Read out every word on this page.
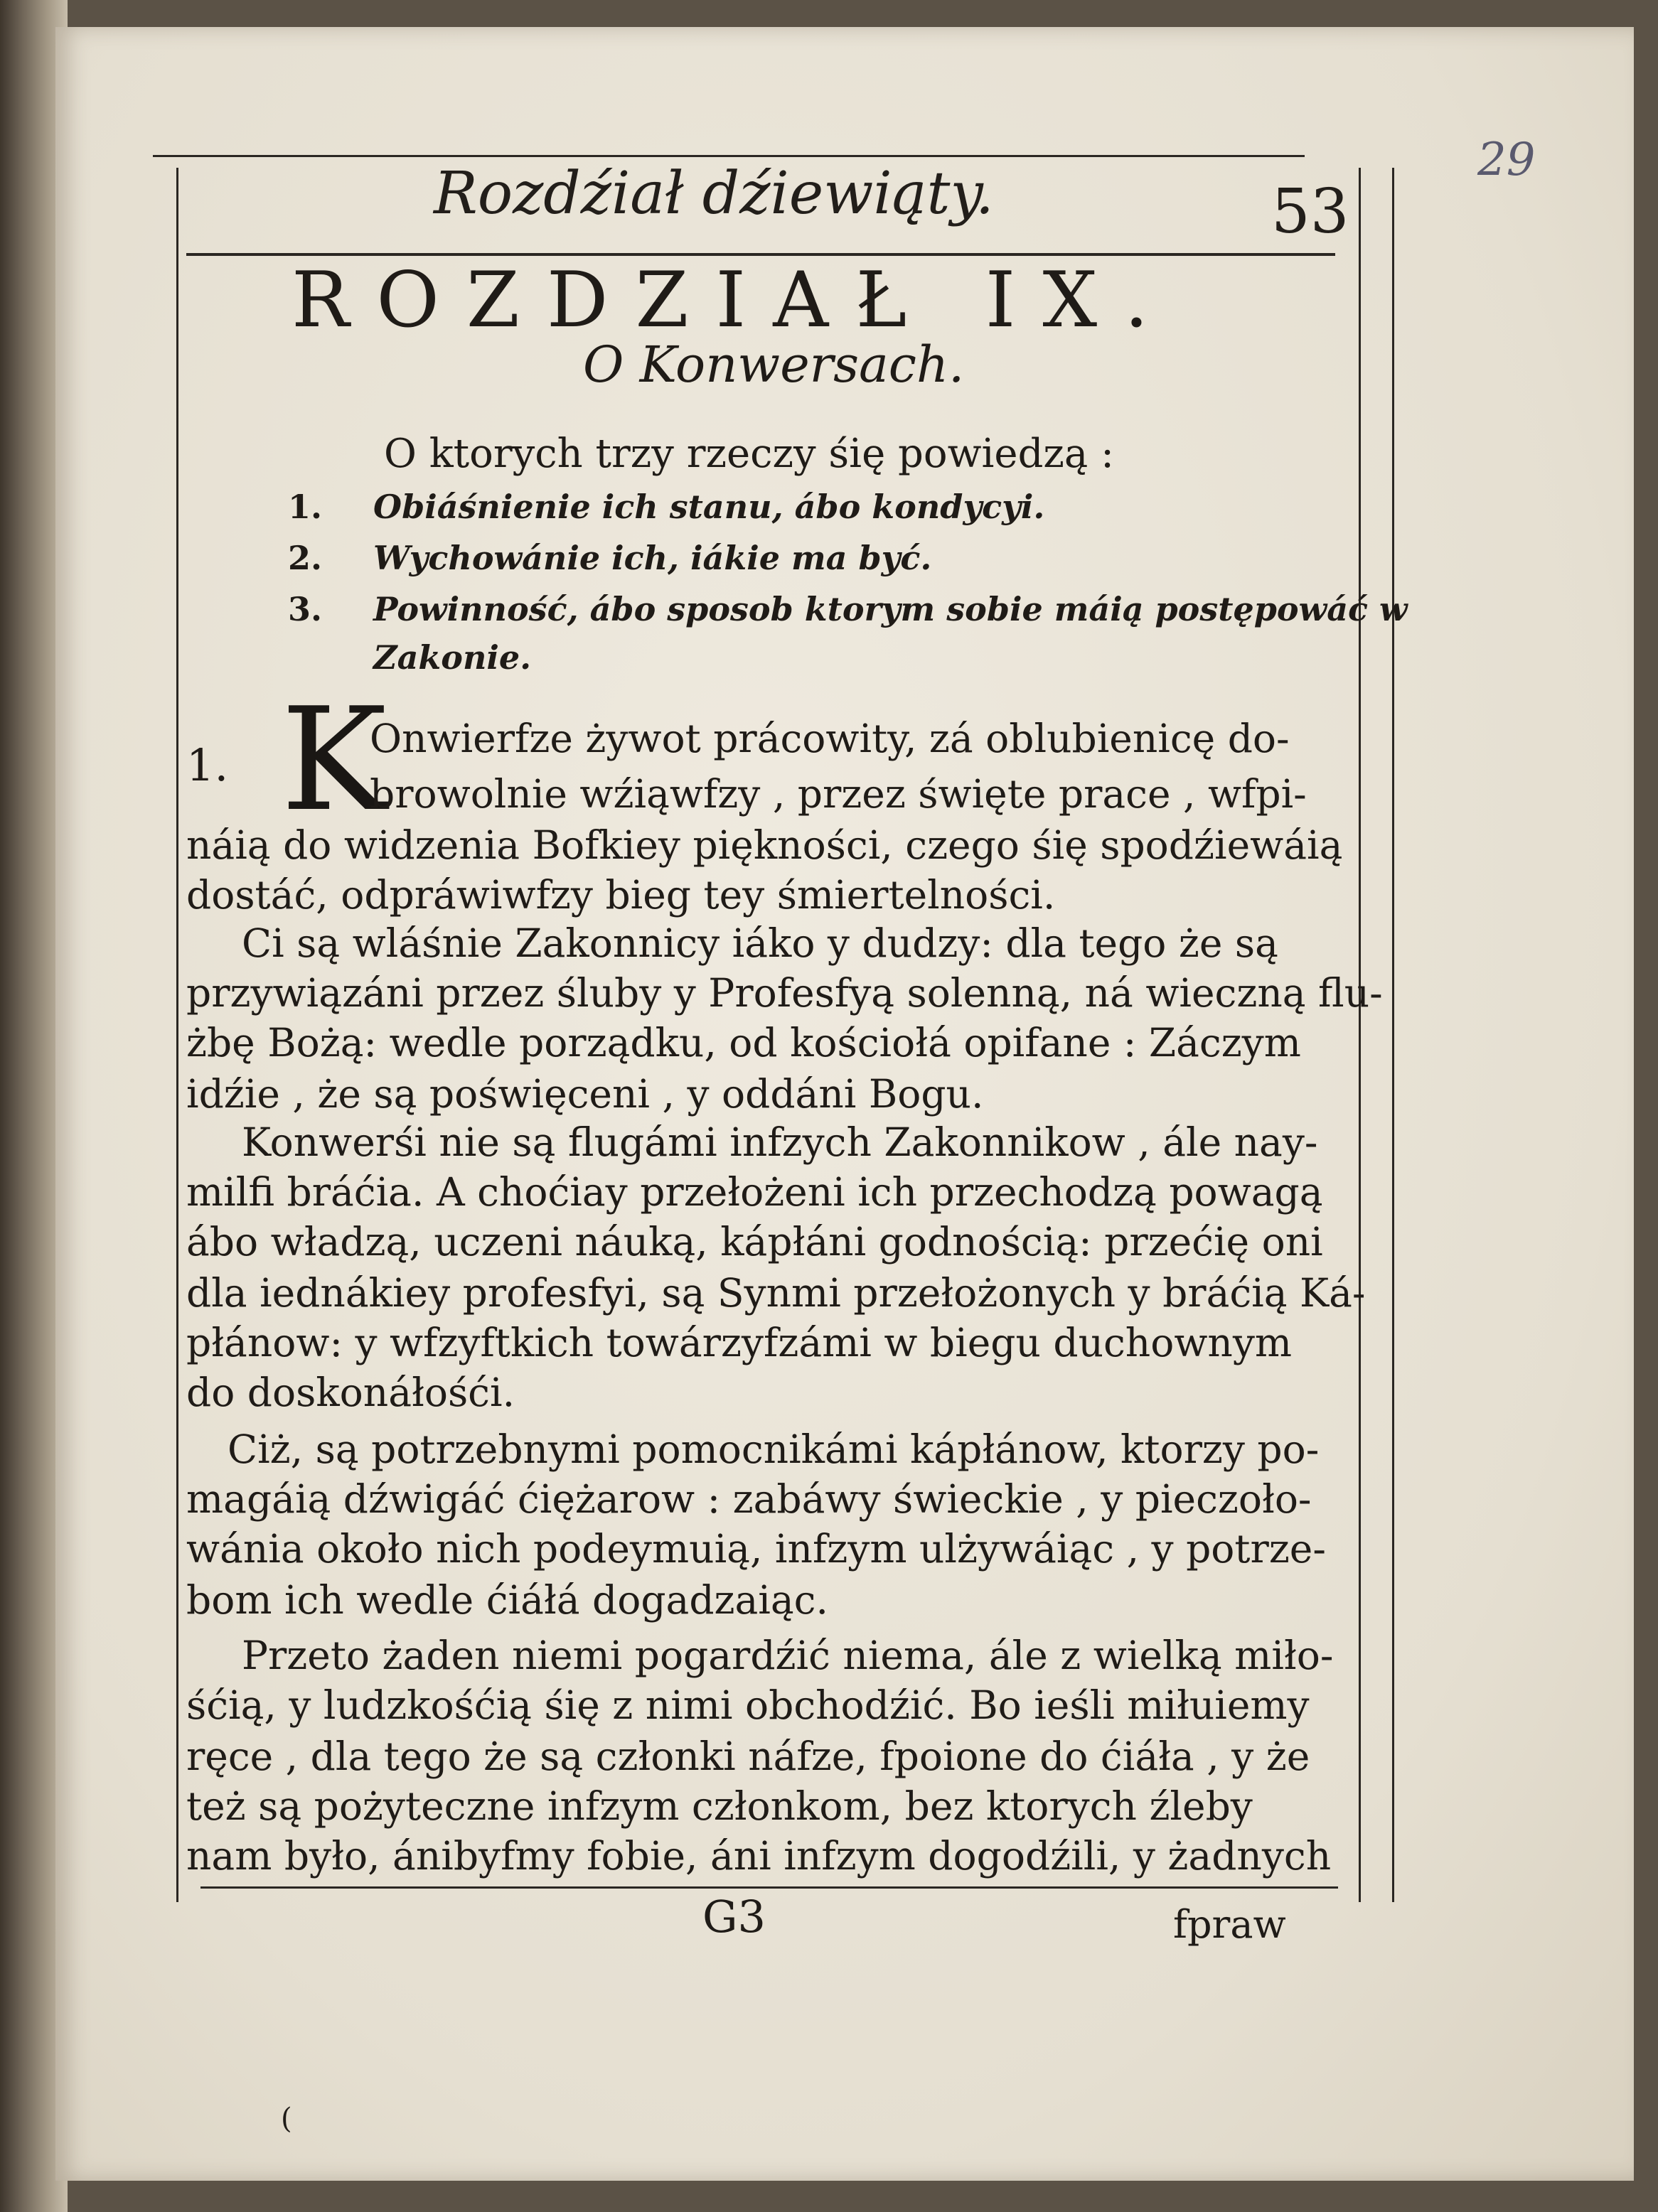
29
Rozdźiał dźiewiąty.	53
ROZDZIAŁ IX.
O Konwersach.
O ktorych trzy rzeczy śię powiedzą :
1. Obiáśnienie ich stanu, ábo kondycyi.
2. Wychowánie ich, iákie ma być.
3. Powinność, ábo sposob ktorym sobie máią postępowáć w
Zakonie.
1. K
Onwierfze żywot prácowity, zá oblubienicę do-
browolnie wźiąwfzy , przez święte prace , wfpi-
náią do widzenia Bofkiey piękności, czego śię spodźiewáią
dostáć, odpráwiwfzy bieg tey śmiertelności.
Ci są wláśnie Zakonnicy iáko y dudzy: dla tego że są
przywiązáni przez śluby y Profesfyą solenną, ná wieczną flu-
żbę Bożą: wedle porządku, od kościołá opifane : Záczym
idźie , że są poświęceni , y oddáni Bogu.
Konwerśi nie są flugámi infzych Zakonnikow , ále nay-
milfi bráćia. A choćiay przełożeni ich przechodzą powagą
ábo władzą, uczeni náuką, kápłáni godnością: przećię oni
dla iednákiey profesfyi, są Synmi przełożonych y bráćią Ká-
płánow: y wfzyftkich towárzyfzámi w biegu duchownym
do doskonáłośći.
Ciż, są potrzebnymi pomocnikámi kápłánow, ktorzy po-
magáią dźwigáć ćiężarow : zabáwy świeckie , y pieczoło-
wánia około nich podeymuią, infzym ulżywáiąc , y potrze-
bom ich wedle ćiáłá dogadzaiąc.
Przeto żaden niemi pogardźić niema, ále z wielką miło-
śćią, y ludzkośćią śię z nimi obchodźić. Bo ieśli miłuiemy
ręce , dla tego że są członki náfze, fpoione do ćiáła , y że
też są pożyteczne infzym członkom, bez ktorych źleby
nam było, ánibyfmy fobie, áni infzym dogodźili, y żadnych
G3	fpraw
(
